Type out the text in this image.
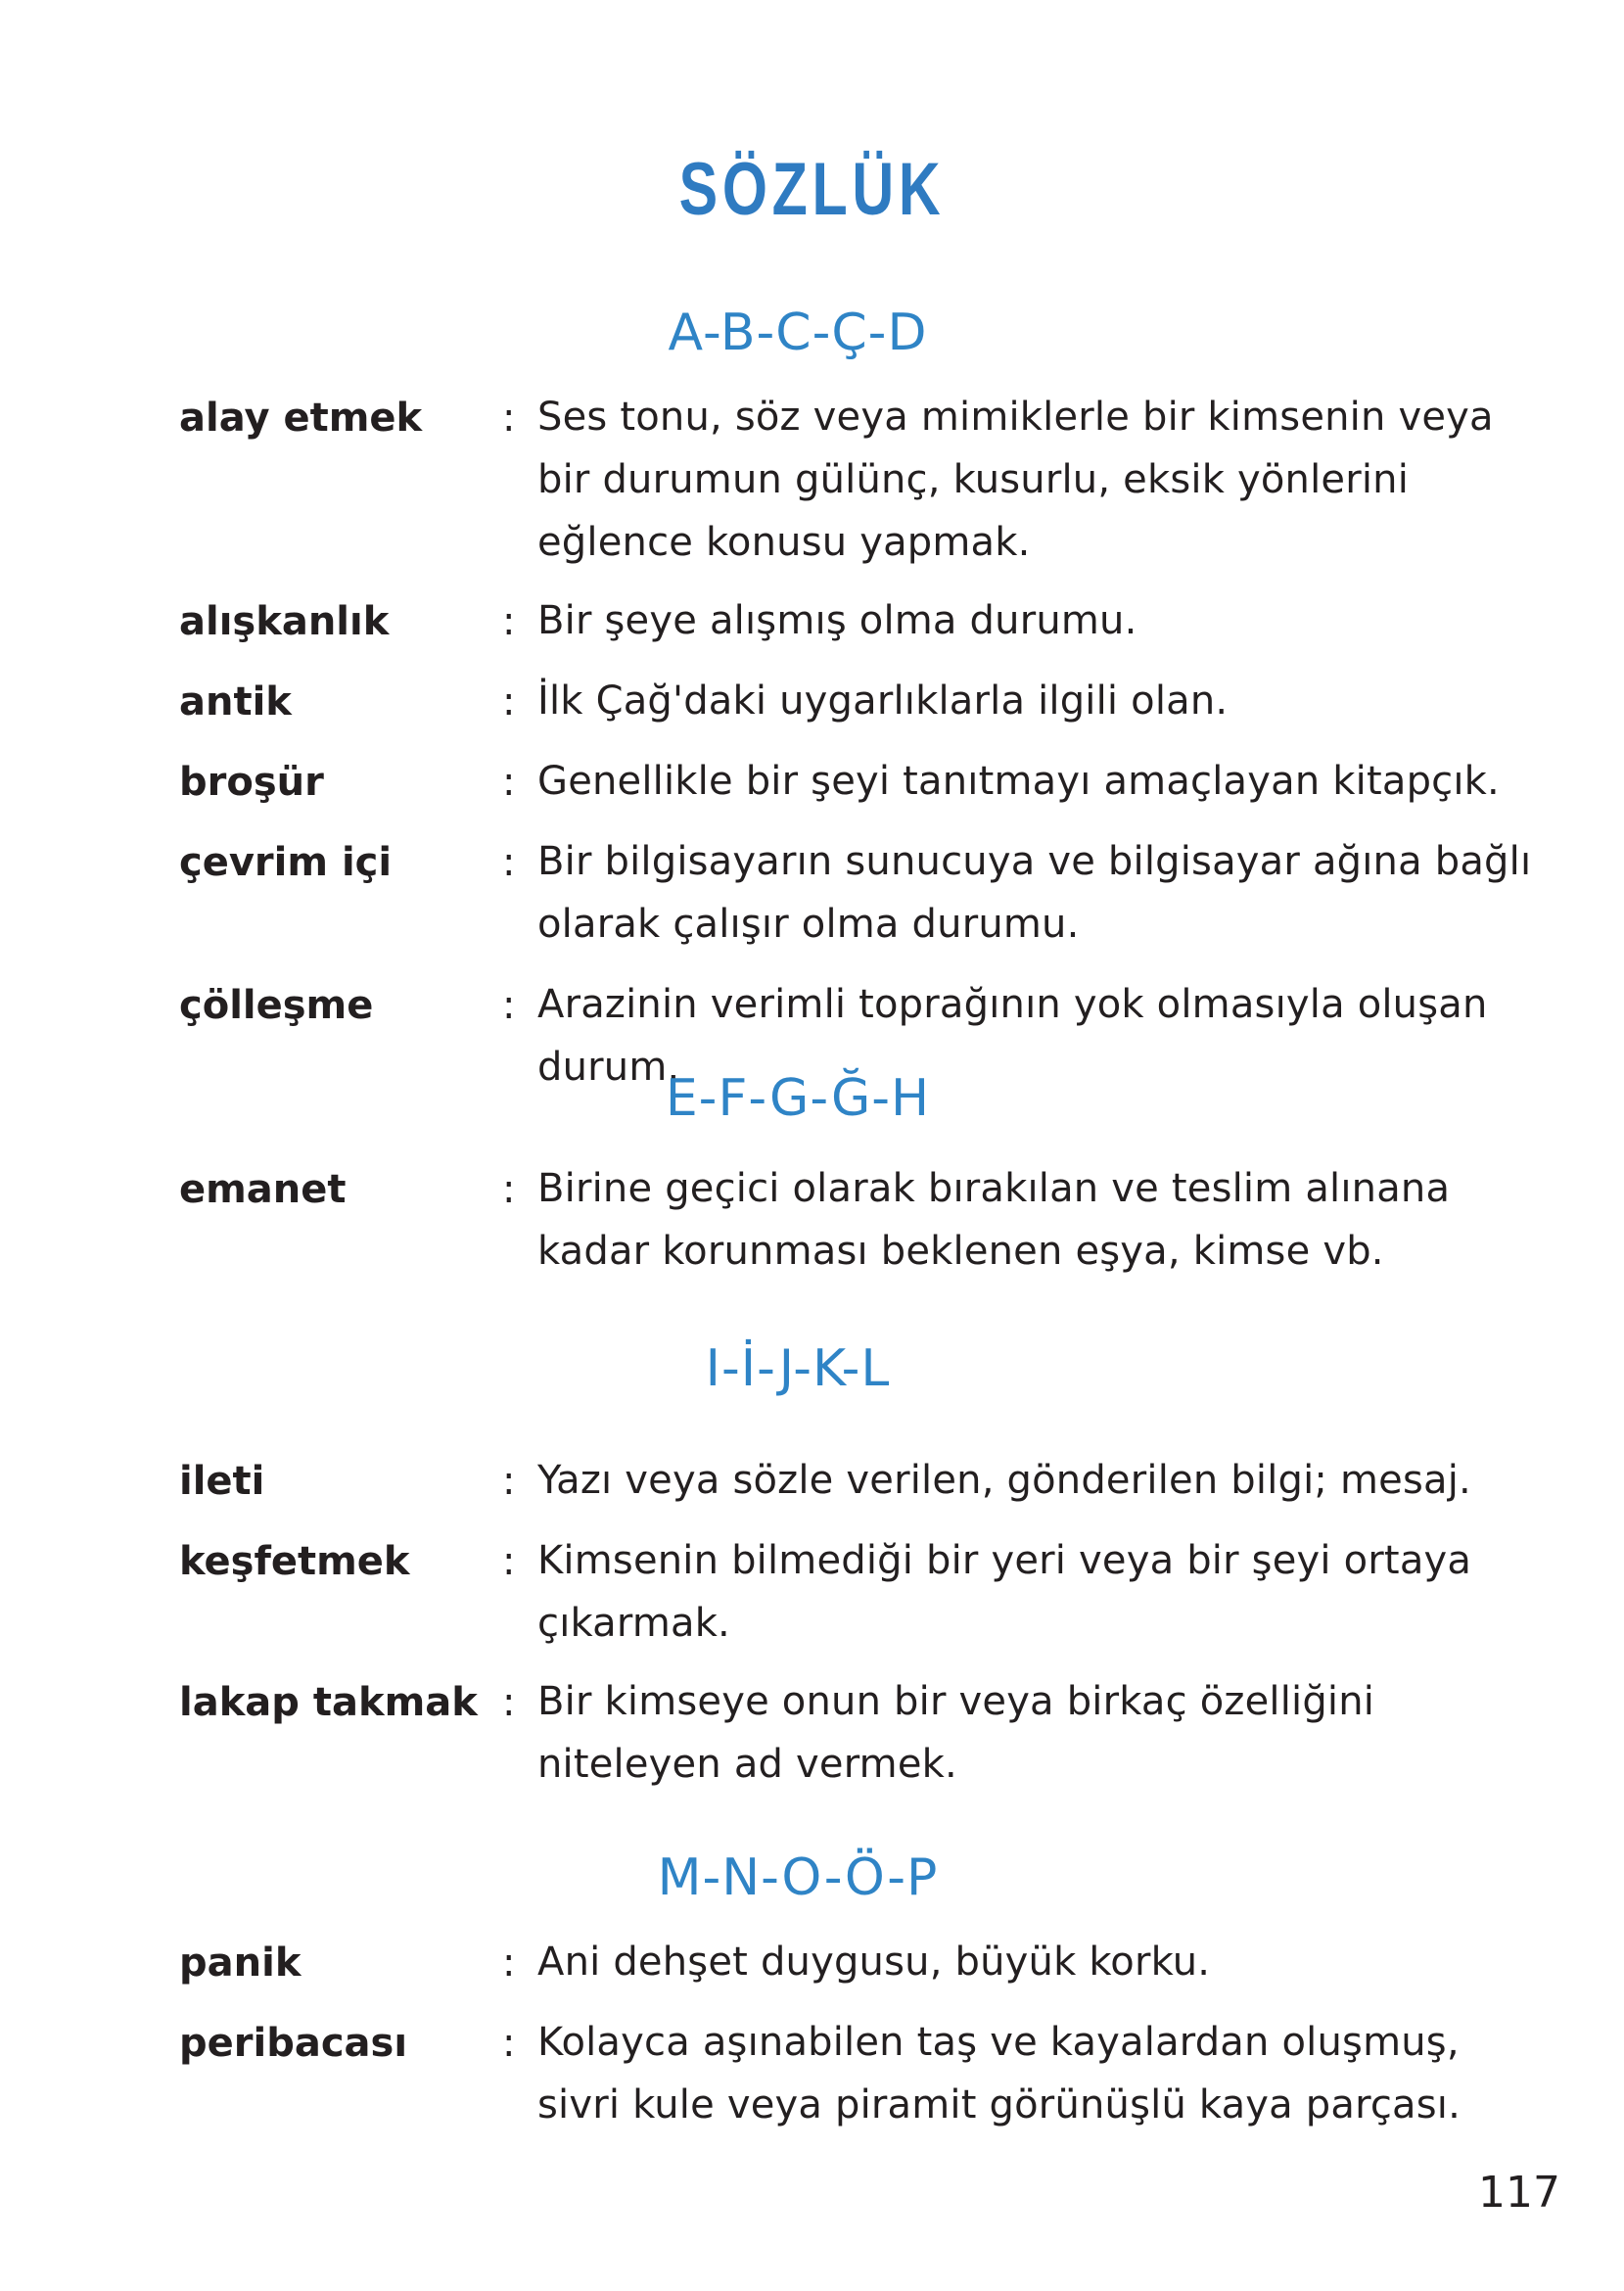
SÖZLÜK
A-B-C-Ç-D
alay etmek : Ses tonu, söz veya mimiklerle bir kimsenin veya bir durumun gülünç, kusurlu, eksik yönlerini eğlence konusu yapmak.
alışkanlık	: Bir şeye alışmış olma durumu.
antik	: İlk Çağ'daki uygarlıklarla ilgili olan.
broşür	: Genellikle bir şeyi tanıtmayı amaçlayan kitapçık.
çevrim içi	: Bir bilgisayarın sunucuya ve bilgisayar ağına bağlı olarak çalışır olma durumu.
çölleşme	: Arazinin verimli toprağının yok olmasıyla oluşan durum.
E-F-G-Ğ-H
emanet	: Birine geçici olarak bırakılan ve teslim alınana kadar korunması beklenen eşya, kimse vb.
I-İ-J-K-L
ileti	: Yazı veya sözle verilen, gönderilen bilgi; mesaj.
keşfetmek : Kimsenin bilmediği bir yeri veya bir şeyi ortaya çıkarmak.
lakap takmak : Bir kimseye onun bir veya birkaç özelliğini niteleyen ad vermek.
M-N-O-Ö-P
panik	: Ani dehşet duygusu, büyük korku.
peribacası : Kolayca aşınabilen taş ve kayalardan oluşmuş, sivri kule veya piramit görünüşlü kaya parçası.
117
